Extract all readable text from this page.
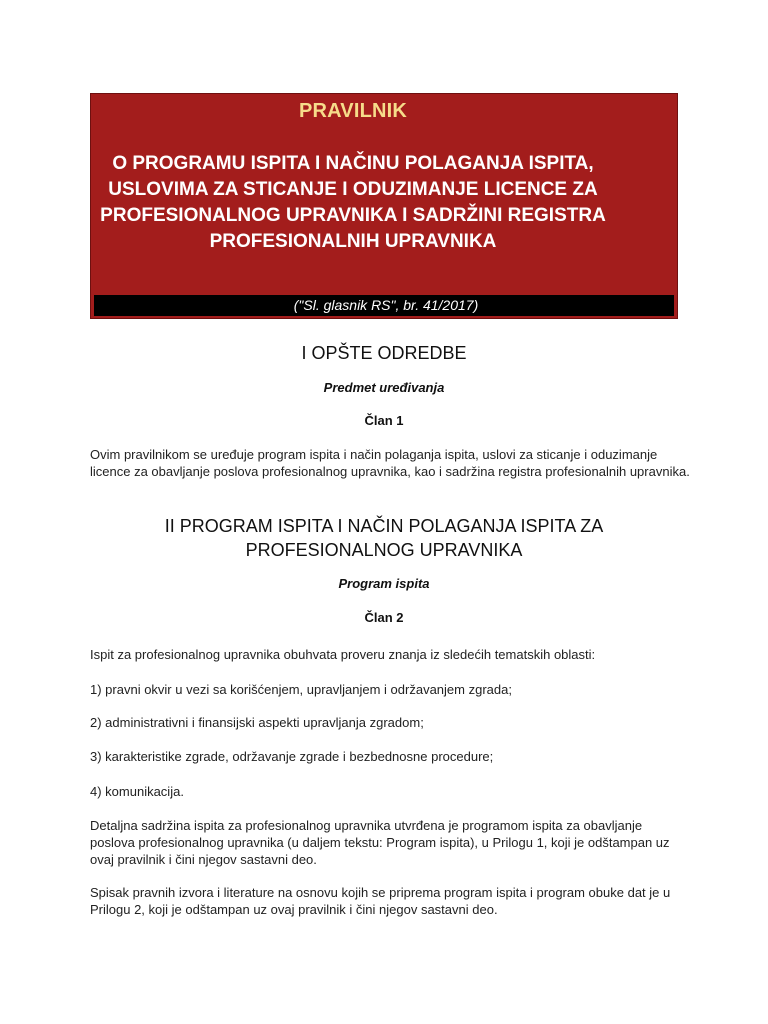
PRAVILNIK
O PROGRAMU ISPITA I NAČINU POLAGANJA ISPITA, USLOVIMA ZA STICANJE I ODUZIMANJE LICENCE ZA PROFESIONALNOG UPRAVNIKA I SADRŽINI REGISTRA PROFESIONALNIH UPRAVNIKA
("Sl. glasnik RS", br. 41/2017)
I OPŠTE ODREDBE
Predmet uređivanja
Član 1
Ovim pravilnikom se uređuje program ispita i način polaganja ispita, uslovi za sticanje i oduzimanje licence za obavljanje poslova profesionalnog upravnika, kao i sadržina registra profesionalnih upravnika.
II PROGRAM ISPITA I NAČIN POLAGANJA ISPITA ZA PROFESIONALNOG UPRAVNIKA
Program ispita
Član 2
Ispit za profesionalnog upravnika obuhvata proveru znanja iz sledećih tematskih oblasti:
1) pravni okvir u vezi sa korišćenjem, upravljanjem i održavanjem zgrada;
2) administrativni i finansijski aspekti upravljanja zgradom;
3) karakteristike zgrade, održavanje zgrade i bezbednosne procedure;
4) komunikacija.
Detaljna sadržina ispita za profesionalnog upravnika utvrđena je programom ispita za obavljanje poslova profesionalnog upravnika (u daljem tekstu: Program ispita), u Prilogu 1, koji je odštampan uz ovaj pravilnik i čini njegov sastavni deo.
Spisak pravnih izvora i literature na osnovu kojih se priprema program ispita i program obuke dat je u Prilogu 2, koji je odštampan uz ovaj pravilnik i čini njegov sastavni deo.
